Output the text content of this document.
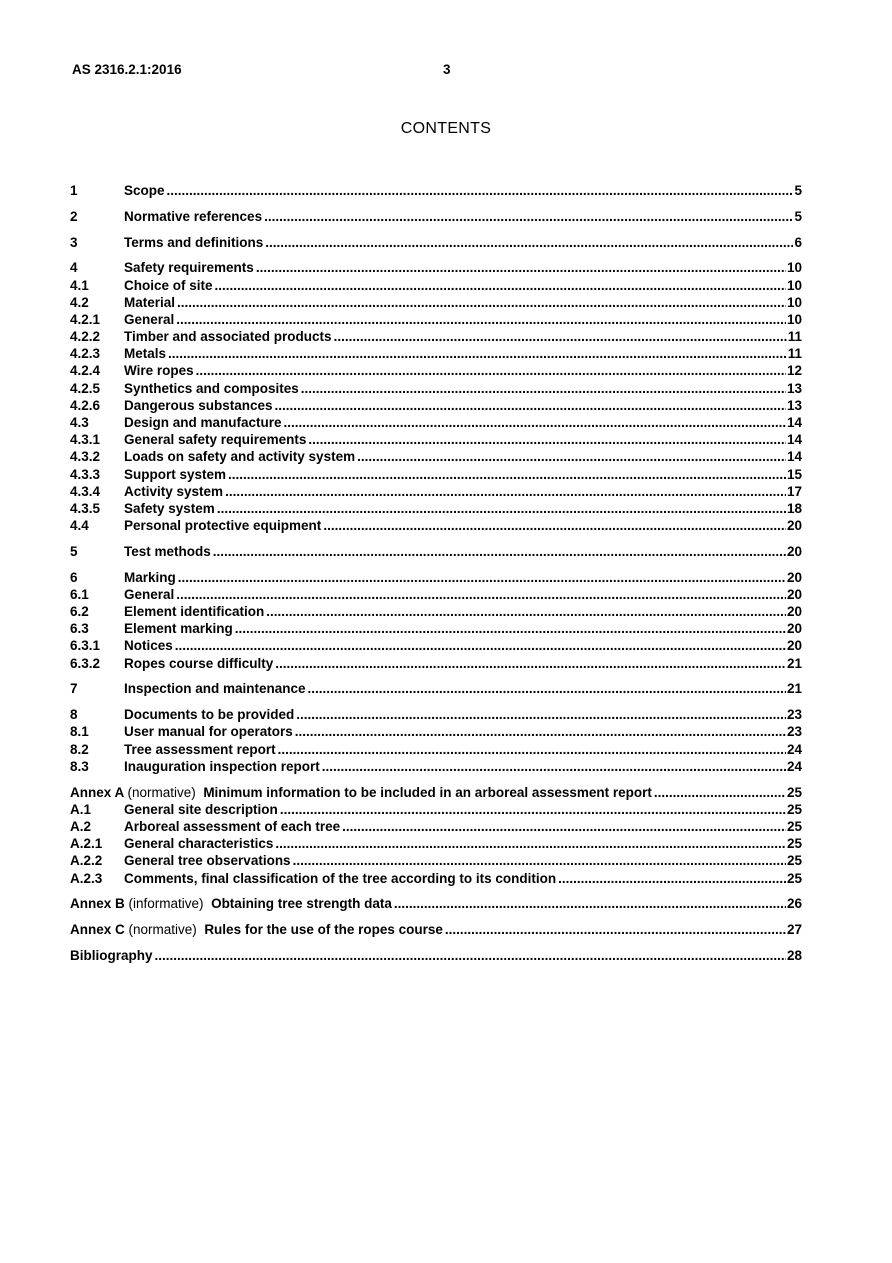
AS 2316.2.1:2016	3
CONTENTS
1	Scope .....	5
2	Normative references .....	5
3	Terms and definitions .....	6
4	Safety requirements .....	10
4.1	Choice of site .....	10
4.2	Material .....	10
4.2.1	General .....	10
4.2.2	Timber and associated products .....	11
4.2.3	Metals .....	11
4.2.4	Wire ropes .....	12
4.2.5	Synthetics and composites .....	13
4.2.6	Dangerous substances .....	13
4.3	Design and manufacture .....	14
4.3.1	General safety requirements .....	14
4.3.2	Loads on safety and activity system .....	14
4.3.3	Support system .....	15
4.3.4	Activity system .....	17
4.3.5	Safety system .....	18
4.4	Personal protective equipment .....	20
5	Test methods .....	20
6	Marking .....	20
6.1	General .....	20
6.2	Element identification .....	20
6.3	Element marking .....	20
6.3.1	Notices .....	20
6.3.2	Ropes course difficulty .....	21
7	Inspection and maintenance .....	21
8	Documents to be provided .....	23
8.1	User manual for operators .....	23
8.2	Tree assessment report .....	24
8.3	Inauguration inspection report .....	24
Annex A (normative) Minimum information to be included in an arboreal assessment report .....	25
A.1	General site description .....	25
A.2	Arboreal assessment of each tree .....	25
A.2.1	General characteristics .....	25
A.2.2	General tree observations .....	25
A.2.3	Comments, final classification of the tree according to its condition .....	25
Annex B (informative) Obtaining tree strength data .....	26
Annex C (normative) Rules for the use of the ropes course .....	27
Bibliography .....	28
